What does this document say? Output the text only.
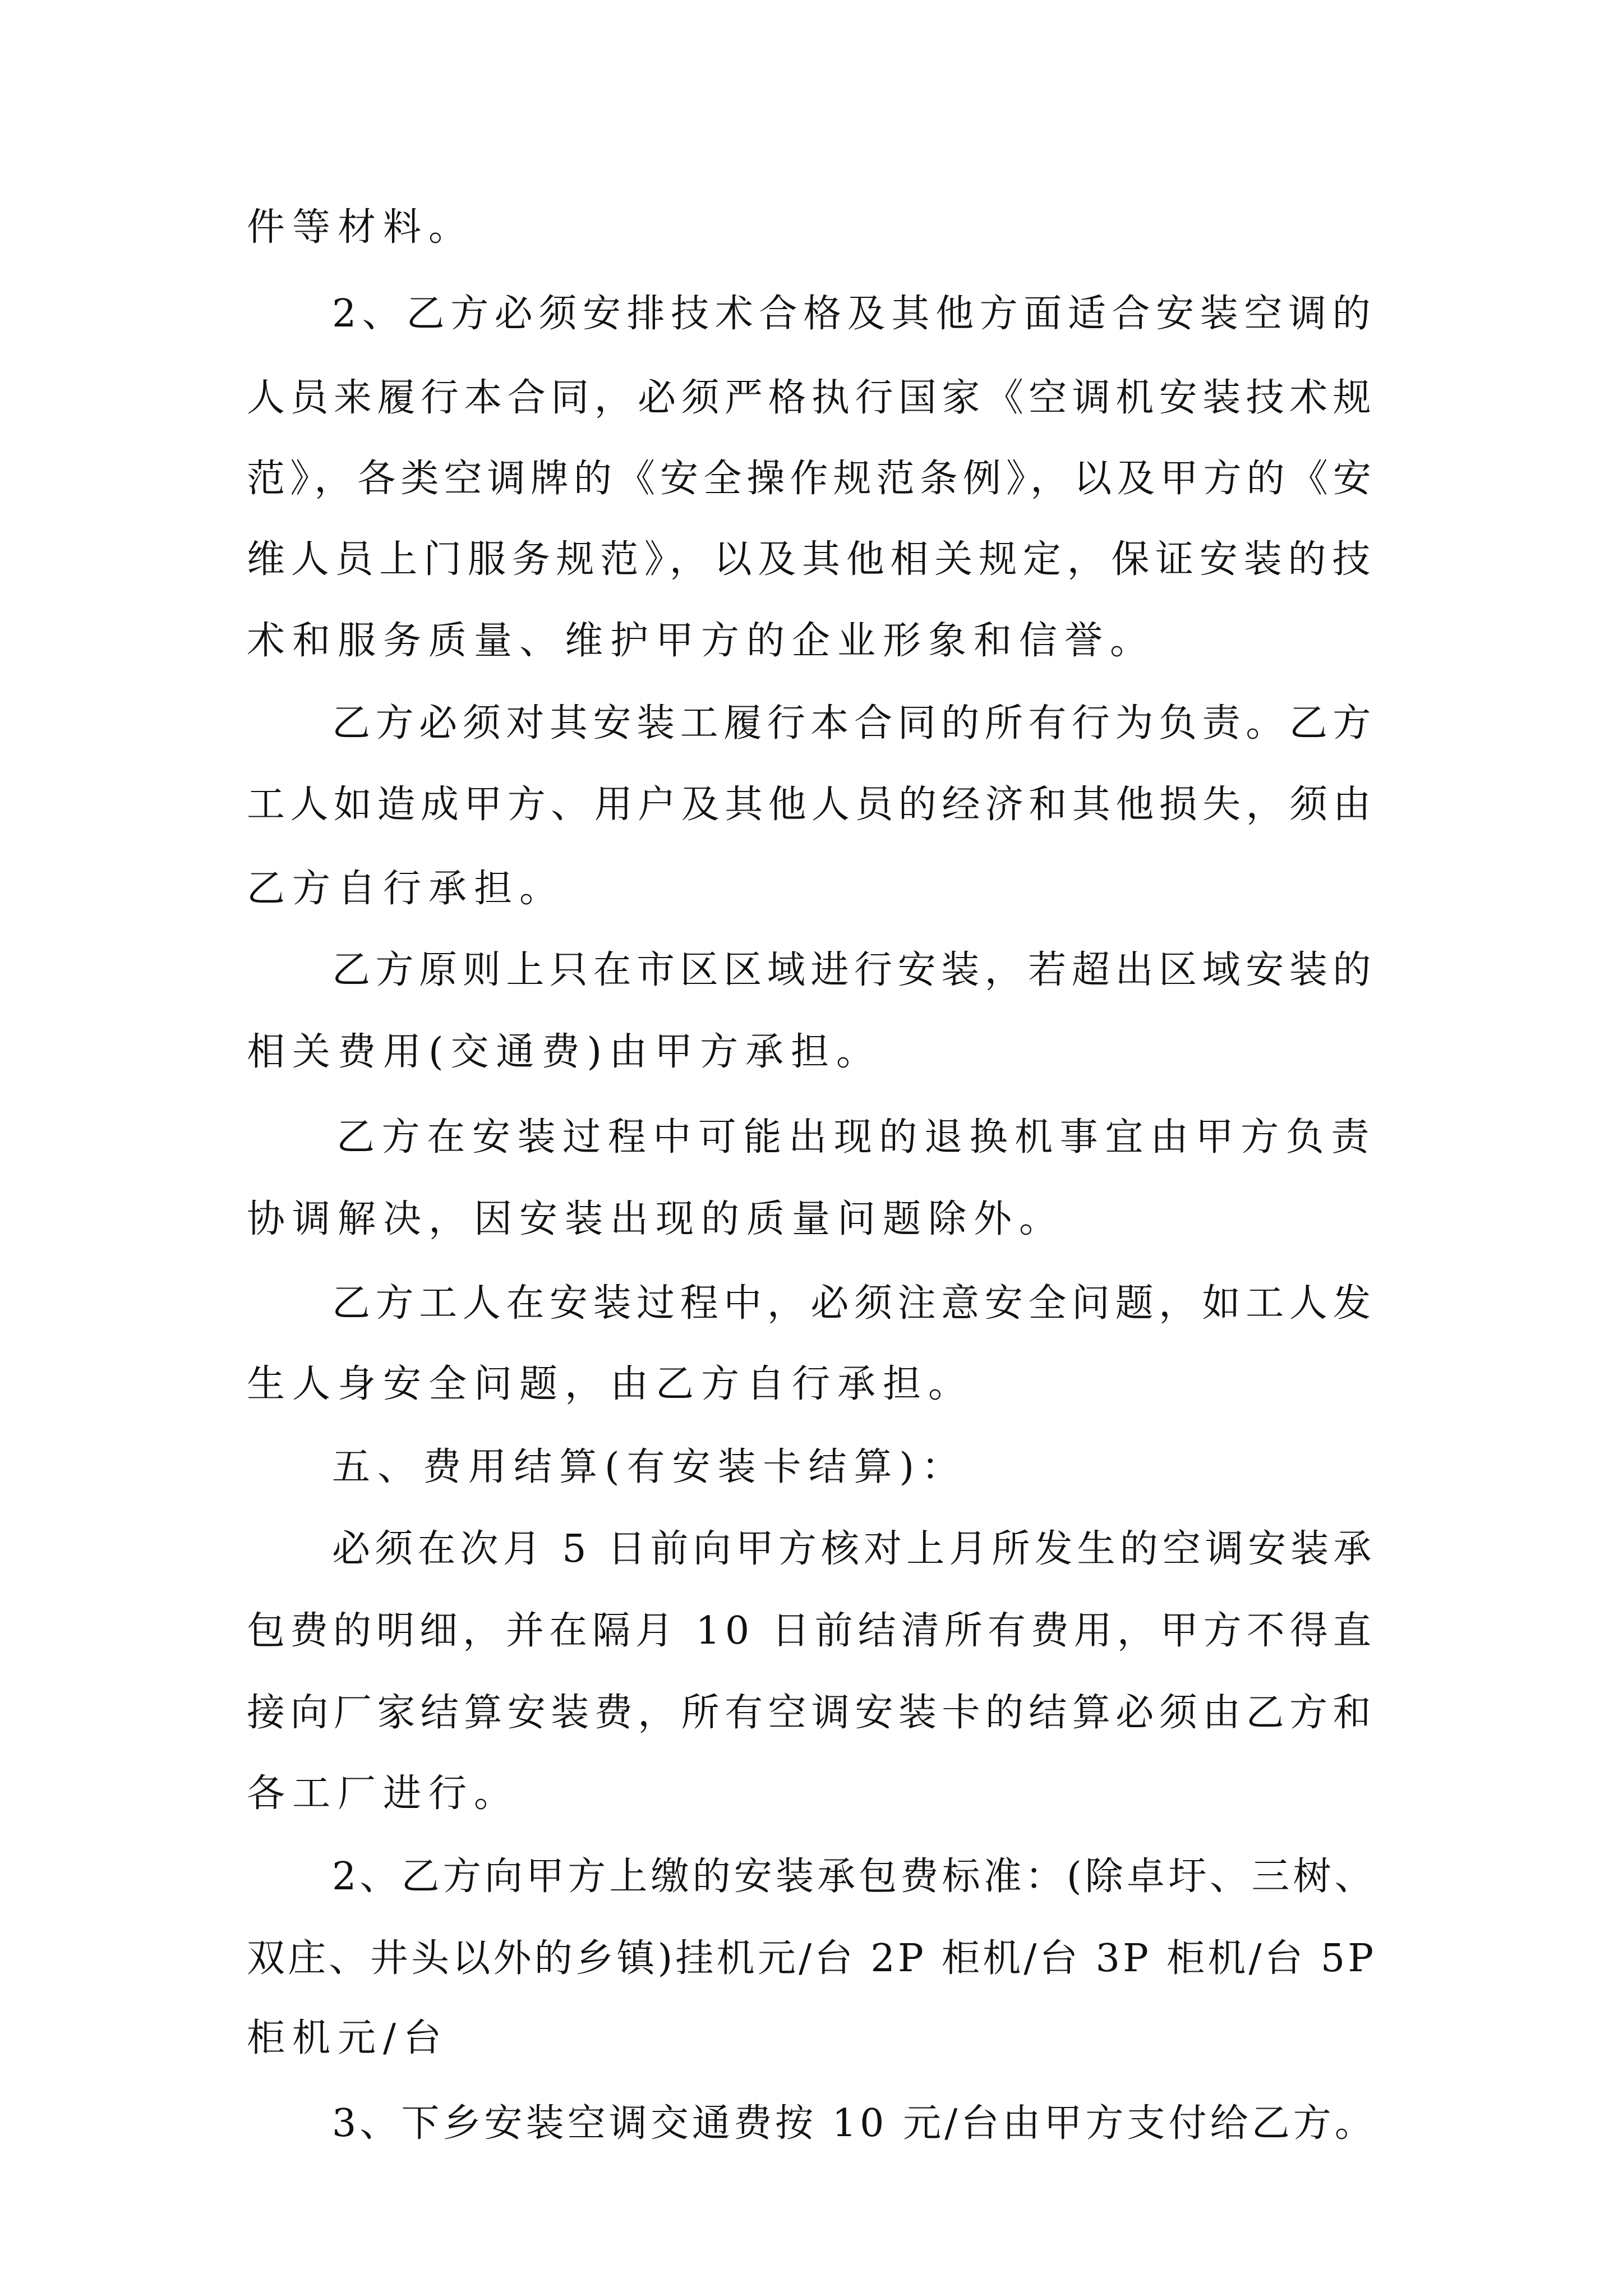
件等材料。
2、乙方必须安排技术合格及其他方面适合安装空调的
人员来履行本合同，必须严格执行国家《空调机安装技术规
范》，各类空调牌的《安全操作规范条例》，以及甲方的《安
维人员上门服务规范》，以及其他相关规定，保证安装的技
术和服务质量、维护甲方的企业形象和信誉。
乙方必须对其安装工履行本合同的所有行为负责。乙方
工人如造成甲方、用户及其他人员的经济和其他损失，须由
乙方自行承担。
乙方原则上只在市区区域进行安装，若超出区域安装的
相关费用(交通费)由甲方承担。
乙方在安装过程中可能出现的退换机事宜由甲方负责
协调解决，因安装出现的质量问题除外。
乙方工人在安装过程中，必须注意安全问题，如工人发
生人身安全问题，由乙方自行承担。
五、费用结算(有安装卡结算)：
必须在次月 5 日前向甲方核对上月所发生的空调安装承
包费的明细，并在隔月 10 日前结清所有费用，甲方不得直
接向厂家结算安装费，所有空调安装卡的结算必须由乙方和
各工厂进行。
2、乙方向甲方上缴的安装承包费标准：(除卓圩、三树、
双庄、井头以外的乡镇)挂机元/台 2P 柜机/台 3P 柜机/台 5P
柜机元/台
3、下乡安装空调交通费按 10 元/台由甲方支付给乙方。
